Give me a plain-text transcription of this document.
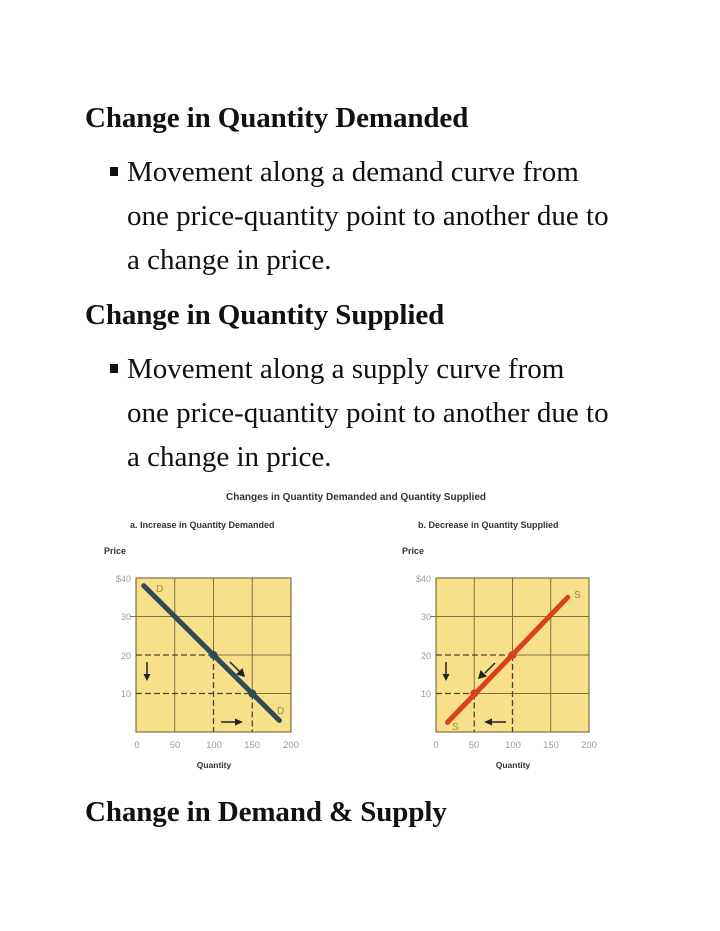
Change in Quantity Demanded
Movement along a demand curve from
one price-quantity point to another due to
a change in price.
Change in Quantity Supplied
Movement along a supply curve from
one price-quantity point to another due to
a change in price.
Changes in Quantity Demanded and Quantity Supplied
a. Increase in Quantity Demanded	b. Decrease in Quantity Supplied
Price
D
D
$40
30
20
10
0	50	100 150 200
Quantity
Price
S
S
$40
30
20
10
0	50	100 150 200
Quantity
Change in Demand & Supply
